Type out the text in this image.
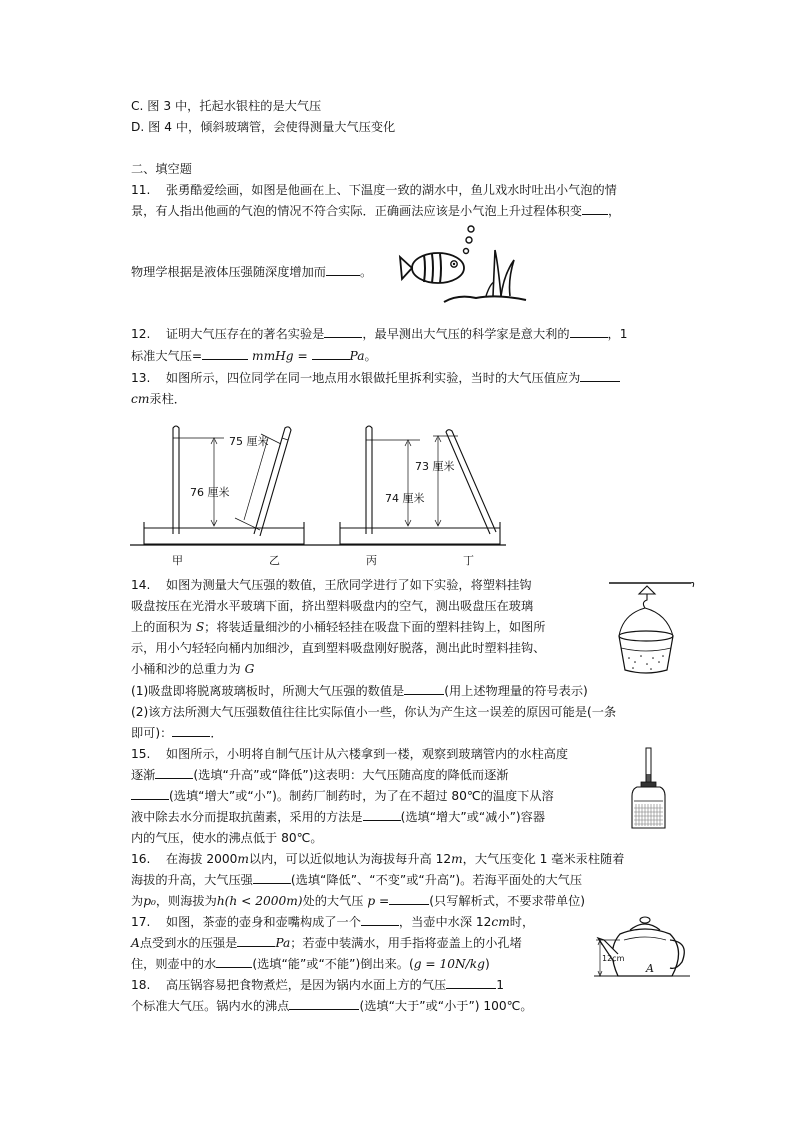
C. 图 3 中，托起水银柱的是大气压
D. 图 4 中，倾斜玻璃管，会使得测量大气压变化
二、填空题
11. 张勇酷爱绘画，如图是他画在上、下温度一致的湖水中，鱼儿戏水时吐出小气泡的情
景，有人指出他画的气泡的情况不符合实际．正确画法应该是小气泡上升过程体积变 ，
物理学根据是液体压强随深度增加而	。
12. 证明大气压存在的著名实验是	，最早测出大气压的科学家是意大利的	，1
标准大气压=	mmHg =	Pa。
13. 如图所示，四位同学在同一地点用水银做托里拆利实验，当时的大气压值应为
cm汞柱．
76 厘米
75 厘米
74 厘米
73 厘米
甲	乙	丙	丁
14. 如图为测量大气压强的数值，王欣同学进行了如下实验，将塑料挂钩
吸盘按压在光滑水平玻璃下面，挤出塑料吸盘内的空气，测出吸盘压在玻璃
上的面积为 S；将装适量细沙的小桶轻轻挂在吸盘下面的塑料挂钩上，如图所
示，用小勺轻轻向桶内加细沙，直到塑料吸盘刚好脱落，测出此时塑料挂钩、
小桶和沙的总重力为 G
(1)吸盘即将脱离玻璃板时，所测大气压强的数值是	(用上述物理量的符号表示)
(2)该方法所测大气压强数值往往比实际值小一些，你认为产生这一误差的原因可能是(一条
即可)：	．
15. 如图所示，小明将自制气压计从六楼拿到一楼，观察到玻璃管内的水柱高度
逐渐	(选填“升高”或“降低”)这表明：大气压随高度的降低而逐渐
(选填“增大”或“小”)。制药厂制药时，为了在不超过 80℃的温度下从溶
液中除去水分而提取抗菌素，采用的方法是	(选填“增大”或“减小”)容器
内的气压，使水的沸点低于 80℃。
16. 在海拔 2000m以内，可以近似地认为海拔每升高 12m，大气压变化 1 毫米汞柱随着
海拔的升高，大气压强	(选填“降低”、“不变”或“升高”)。若海平面处的大气压
为p₀，则海拔为h(h < 2000m)处的大气压 p =	(只写解析式，不要求带单位)
17. 如图，茶壶的壶身和壶嘴构成了一个	，当壶中水深 12cm时，
A点受到水的压强是	Pa；若壶中装满水，用手指将壶盖上的小孔堵
住，则壶中的水	(选填“能”或“不能”)倒出来。(g = 10N/kg)	12cm
A
18. 高压锅容易把食物煮烂，是因为锅内水面上方的气压	1
个标准大气压。锅内水的沸点	(选填“大于”或“小于”) 100℃。
